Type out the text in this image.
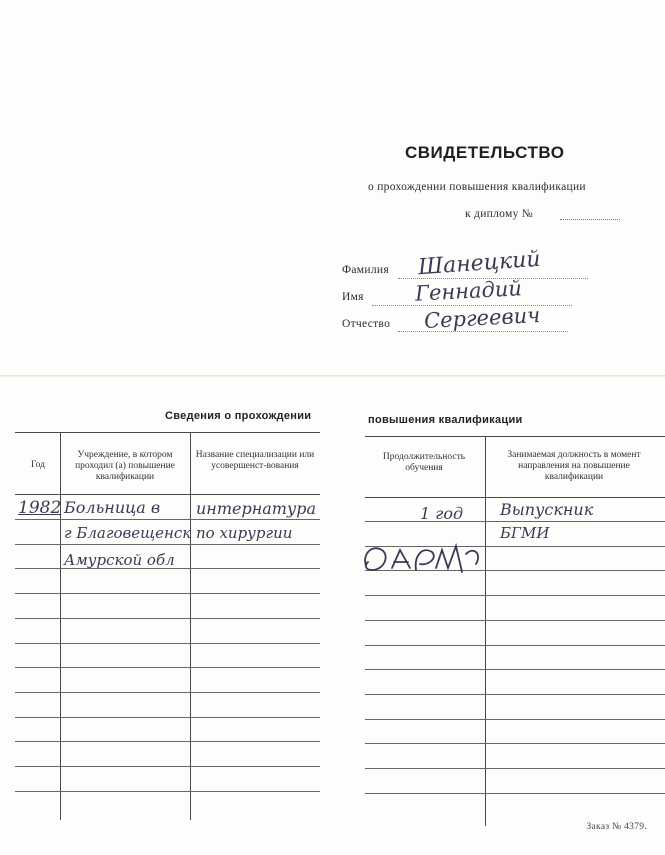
СВИДЕТЕЛЬСТВО
о прохождении повышения квалификации
к диплому №
Фамилия Шанецкий
Имя Геннадий
Отчество Сергеевич
Сведения о прохождении	повышения квалификации
Год
Учреждение, в котором проходил (а) повышение квалификации
Название специализации или усовершенст-вования
Продолжительность обучения
Занимаемая должность в момент направления на повышение квалификации
1982 Больница в
г Благовещенск
Амурской обл
интернатура
по хирургии
1 год Выпускник
БГМИ
Заказ № 4379.
